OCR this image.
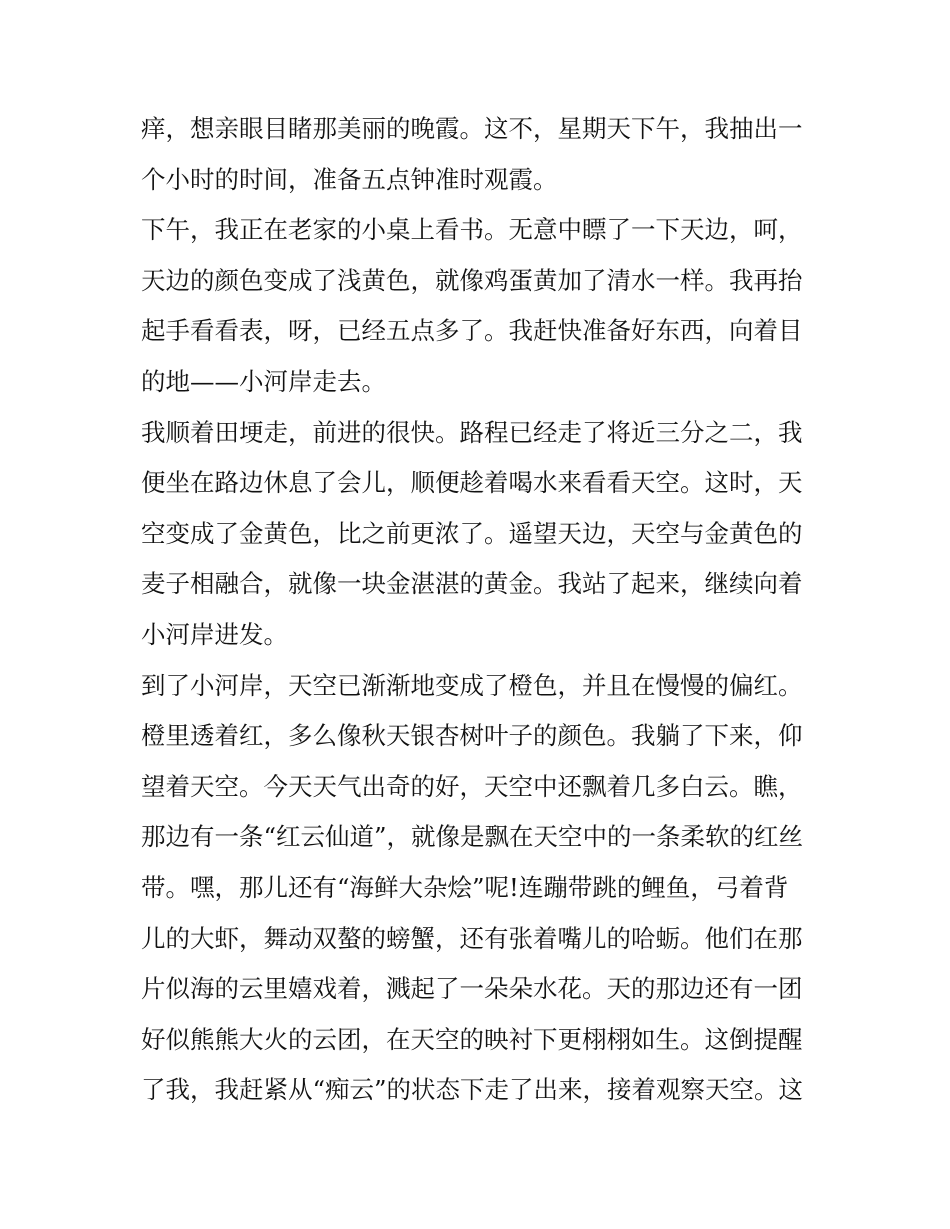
痒，想亲眼目睹那美丽的晚霞。这不，星期天下午，我抽出一
个小时的时间，准备五点钟准时观霞。
下午，我正在老家的小桌上看书。无意中瞟了一下天边，呵，
天边的颜色变成了浅黄色，就像鸡蛋黄加了清水一样。我再抬
起手看看表，呀，已经五点多了。我赶快准备好东西，向着目
的地——小河岸走去。
我顺着田埂走，前进的很快。路程已经走了将近三分之二，我
便坐在路边休息了会儿，顺便趁着喝水来看看天空。这时，天
空变成了金黄色，比之前更浓了。遥望天边，天空与金黄色的
麦子相融合，就像一块金湛湛的黄金。我站了起来，继续向着
小河岸进发。
到了小河岸，天空已渐渐地变成了橙色，并且在慢慢的偏红。
橙里透着红，多么像秋天银杏树叶子的颜色。我躺了下来，仰
望着天空。今天天气出奇的好，天空中还飘着几多白云。瞧，
那边有一条“红云仙道”，就像是飘在天空中的一条柔软的红丝
带。嘿，那儿还有“海鲜大杂烩”呢!连蹦带跳的鲤鱼，弓着背
儿的大虾，舞动双螯的螃蟹，还有张着嘴儿的哈蛎。他们在那
片似海的云里嬉戏着，溅起了一朵朵水花。天的那边还有一团
好似熊熊大火的云团，在天空的映衬下更栩栩如生。这倒提醒
了我，我赶紧从“痴云”的状态下走了出来，接着观察天空。这
